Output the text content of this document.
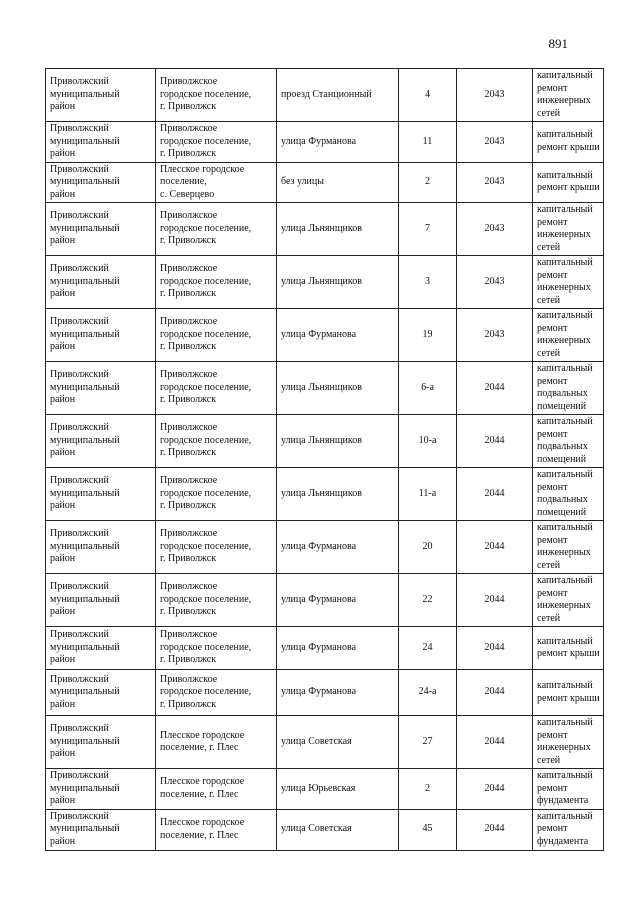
891
Приволжский
муниципальный
район	Приволжское
городское поселение,
г. Приволжск	проезд Станционный	4	2043	капитальный
ремонт
инженерных
сетей

Приволжский
муниципальный
район	Приволжское
городское поселение,
г. Приволжск	улица Фурманова	11	2043	капитальный
ремонт крыши

Приволжский
муниципальный
район	Плесское городское
поселение,
с. Северцево	без улицы	2	2043	капитальный
ремонт крыши

Приволжский
муниципальный
район	Приволжское
городское поселение,
г. Приволжск	улица Льнянщиков	7	2043	капитальный
ремонт
инженерных
сетей

Приволжский
муниципальный
район	Приволжское
городское поселение,
г. Приволжск	улица Льнянщиков	3	2043	капитальный
ремонт
инженерных
сетей

Приволжский
муниципальный
район	Приволжское
городское поселение,
г. Приволжск	улица Фурманова	19	2043	капитальный
ремонт
инженерных
сетей

Приволжский
муниципальный
район	Приволжское
городское поселение,
г. Приволжск	улица Льнянщиков	6-а	2044	капитальный
ремонт
подвальных
помещений

Приволжский
муниципальный
район	Приволжское
городское поселение,
г. Приволжск	улица Льнянщиков	10-а	2044	капитальный
ремонт
подвальных
помещений

Приволжский
муниципальный
район	Приволжское
городское поселение,
г. Приволжск	улица Льнянщиков	11-а	2044	капитальный
ремонт
подвальных
помещений

Приволжский
муниципальный
район	Приволжское
городское поселение,
г. Приволжск	улица Фурманова	20	2044	капитальный
ремонт
инженерных
сетей

Приволжский
муниципальный
район	Приволжское
городское поселение,
г. Приволжск	улица Фурманова	22	2044	капитальный
ремонт
инженерных
сетей

Приволжский
муниципальный
район	Приволжское
городское поселение,
г. Приволжск	улица Фурманова	24	2044	капитальный
ремонт крыши

Приволжский
муниципальный
район	Приволжское
городское поселение,
г. Приволжск	улица Фурманова	24-а	2044	капитальный
ремонт крыши

Приволжский
муниципальный
район	Плесское городское
поселение, г. Плес	улица Советская	27	2044	капитальный
ремонт
инженерных
сетей

Приволжский
муниципальный
район	Плесское городское
поселение, г. Плес	улица Юрьевская	2	2044	капитальный
ремонт
фундамента

Приволжский
муниципальный
район	Плесское городское
поселение, г. Плес	улица Советская	45	2044	капитальный
ремонт
фундамента
